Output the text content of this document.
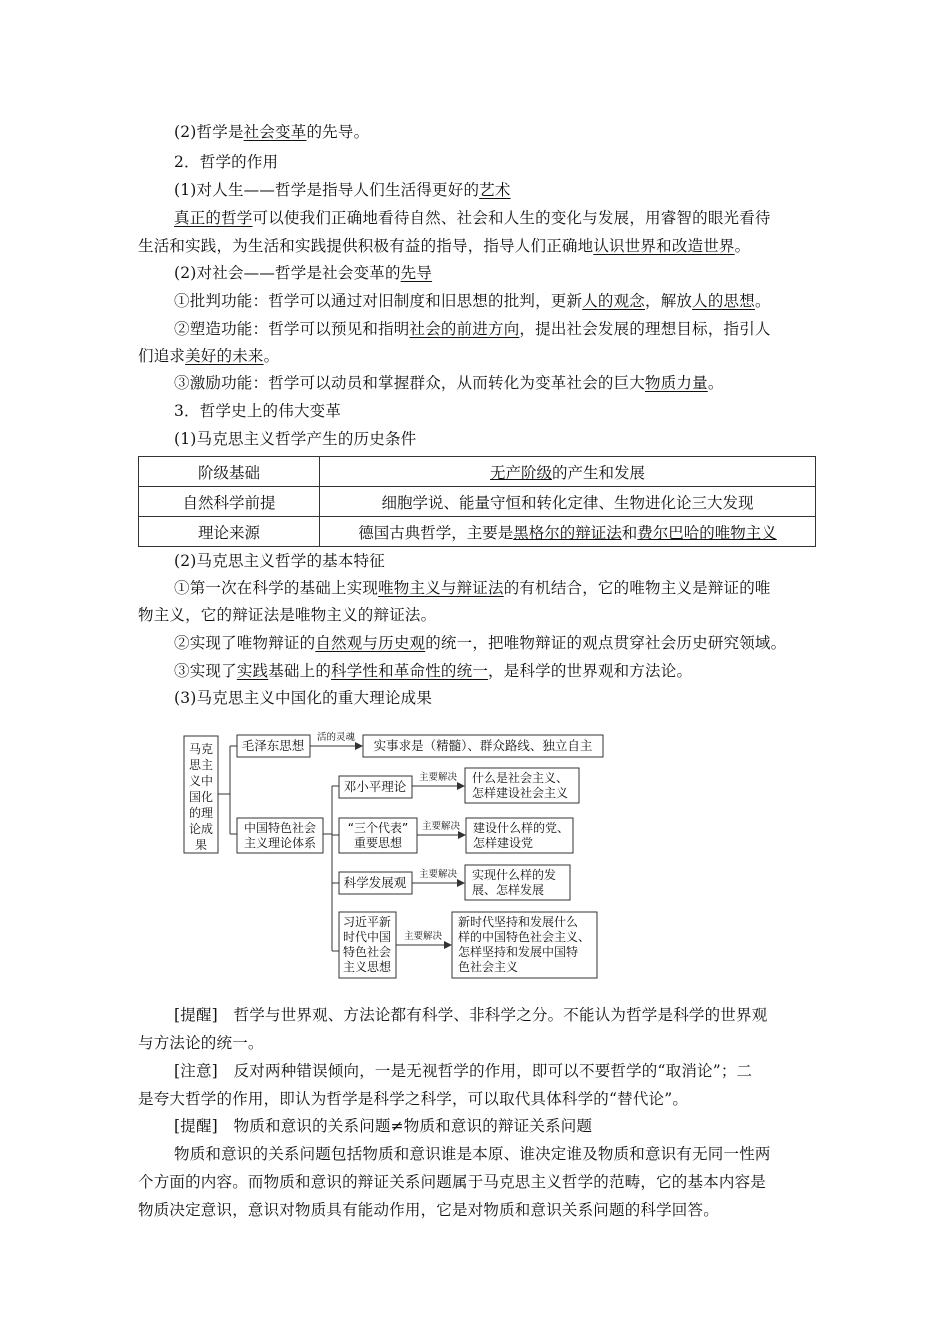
(2)哲学是社会变革的先导。
2．哲学的作用
(1)对人生——哲学是指导人们生活得更好的艺术
真正的哲学可以使我们正确地看待自然、社会和人生的变化与发展，用睿智的眼光看待
生活和实践，为生活和实践提供积极有益的指导，指导人们正确地认识世界和改造世界。
(2)对社会——哲学是社会变革的先导
①批判功能：哲学可以通过对旧制度和旧思想的批判，更新人的观念，解放人的思想。
②塑造功能：哲学可以预见和指明社会的前进方向，提出社会发展的理想目标，指引人
们追求美好的未来。
③激励功能：哲学可以动员和掌握群众，从而转化为变革社会的巨大物质力量。
3．哲学史上的伟大变革
(1)马克思主义哲学产生的历史条件
阶级基础	无产阶级的产生和发展
自然科学前提	细胞学说、能量守恒和转化定律、生物进化论三大发现
理论来源	德国古典哲学，主要是黑格尔的辩证法和费尔巴哈的唯物主义
(2)马克思主义哲学的基本特征
①第一次在科学的基础上实现唯物主义与辩证法的有机结合，它的唯物主义是辩证的唯
物主义，它的辩证法是唯物主义的辩证法。
②实现了唯物辩证的自然观与历史观的统一，把唯物辩证的观点贯穿社会历史研究领域。
③实现了实践基础上的科学性和革命性的统一，是科学的世界观和方法论。
(3)马克思主义中国化的重大理论成果
马克
思主
义中
国化
的理
论成
果
毛泽东思想
活的灵魂
实事求是（精髓）、群众路线、独立自主
中国特色社会
主义理论体系
邓小平理论
主要解决 什么是社会主义、
怎样建设社会主义
“三个代表”
重要思想
主要解决 建设什么样的党、
怎样建设党
科学发展观
主要解决 实现什么样的发
展、怎样发展
习近平新
时代中国
特色社会
主义思想
主要解决
新时代坚持和发展什么
样的中国特色社会主义、
怎样坚持和发展中国特
色社会主义
[提醒]　哲学与世界观、方法论都有科学、非科学之分。不能认为哲学是科学的世界观
与方法论的统一。
[注意]　反对两种错误倾向，一是无视哲学的作用，即可以不要哲学的“取消论”；二
是夸大哲学的作用，即认为哲学是科学之科学，可以取代具体科学的“替代论”。
[提醒]　物质和意识的关系问题≠物质和意识的辩证关系问题
物质和意识的关系问题包括物质和意识谁是本原、谁决定谁及物质和意识有无同一性两
个方面的内容。而物质和意识的辩证关系问题属于马克思主义哲学的范畴，它的基本内容是
物质决定意识，意识对物质具有能动作用，它是对物质和意识关系问题的科学回答。
